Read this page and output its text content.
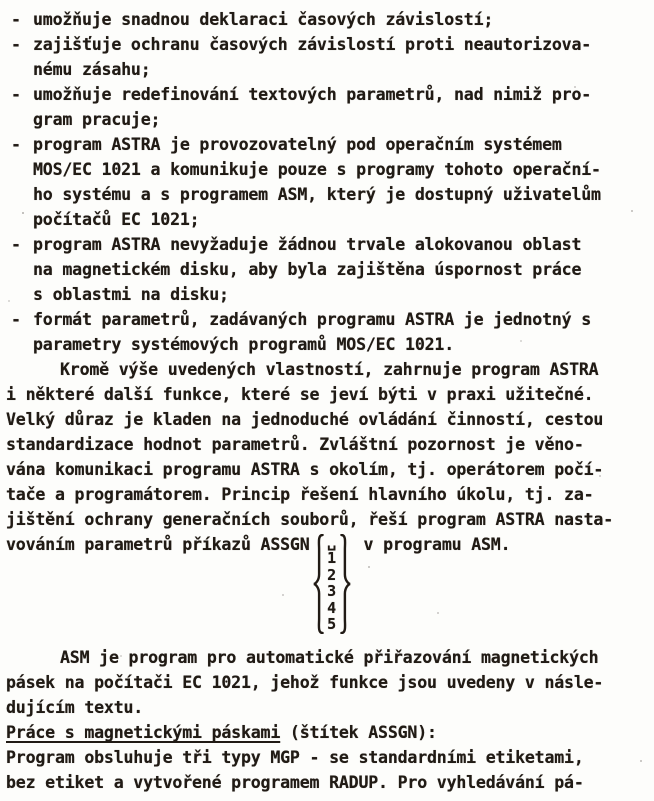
- umožňuje snadnou deklaraci časových závislostí;
- zajišťuje ochranu časových závislostí proti neautorizova-
nému zásahu;
- umožňuje redefinování textových parametrů, nad nimiž pro-
gram pracuje;
- program ASTRA je provozovatelný pod operačním systémem
MOS/EC 1021 a komunikuje pouze s programy tohoto operační-
ho systému a s programem ASM, který je dostupný uživatelům
počítačů EC 1021;
- program ASTRA nevyžaduje žádnou trvale alokovanou oblast
na magnetickém disku, aby byla zajištěna úspornost práce
s oblastmi na disku;
- formát parametrů, zadávaných programu ASTRA je jednotný s
parametry systémových programů MOS/EC 1021.
Kromě výše uvedených vlastností, zahrnuje program ASTRA
i některé další funkce, které se jeví býti v praxi užitečné.
Velký důraz je kladen na jednoduché ovládání činností, cestou
standardizace hodnot parametrů. Zvláštní pozornost je věno-
vána komunikaci programu ASTRA s okolím, tj. operátorem počí-
tače a programátorem. Princip řešení hlavního úkolu, tj. za-
jištění ochrany generačních souborů, řeší program ASTRA nasta-
vováním parametrů příkazů ASSGN ␣
1
2
3
4
5
v programu ASM.
ASM je program pro automatické přiřazování magnetických
pásek na počítači EC 1021, jehož funkce jsou uvedeny v násle-
dujícím textu.
Práce s magnetickými páskami (štítek ASSGN):
Program obsluhuje tři typy MGP - se standardními etiketami,
bez etiket a vytvořené programem RADUP. Pro vyhledávání pá-
